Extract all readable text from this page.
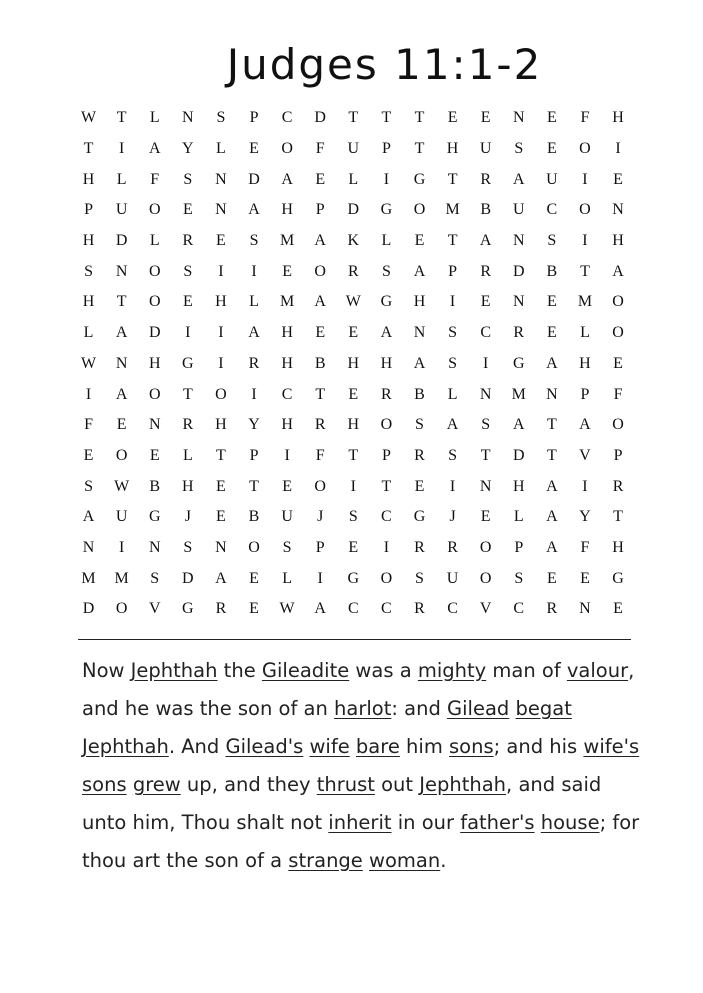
Judges 11:1-2
W	T	L	N	S	P	C	D	T	T	T	E	E	N	E	F	H
T	I	A	Y	L	E	O	F	U	P	T	H	U	S	E	O	I
H	L	F	S	N	D	A	E	L	I	G	T	R	A	U	I	E
P	U	O	E	N	A	H	P	D	G	O	M	B	U	C	O	N
H	D	L	R	E	S	M	A	K	L	E	T	A	N	S	I	H
S	N	O	S	I	I	E	O	R	S	A	P	R	D	B	T	A
H	T	O	E	H	L	M	A	W	G	H	I	E	N	E	M	O
L	A	D	I	I	A	H	E	E	A	N	S	C	R	E	L	O
W	N	H	G	I	R	H	B	H	H	A	S	I	G	A	H	E
I	A	O	T	O	I	C	T	E	R	B	L	N	M	N	P	F
F	E	N	R	H	Y	H	R	H	O	S	A	S	A	T	A	O
E	O	E	L	T	P	I	F	T	P	R	S	T	D	T	V	P
S	W	B	H	E	T	E	O	I	T	E	I	N	H	A	I	R
A	U	G	J	E	B	U	J	S	C	G	J	E	L	A	Y	T
N	I	N	S	N	O	S	P	E	I	R	R	O	P	A	F	H
M	M	S	D	A	E	L	I	G	O	S	U	O	S	E	E	G
D	O	V	G	R	E	W	A	C	C	R	C	V	C	R	N	E

Now Jephthah the Gileadite was a mighty man of valour, and he was the son of an harlot: and Gilead begat Jephthah. And Gilead's wife bare him sons; and his wife's sons grew up, and they thrust out Jephthah, and said unto him, Thou shalt not inherit in our father's house; for thou art the son of a strange woman.
